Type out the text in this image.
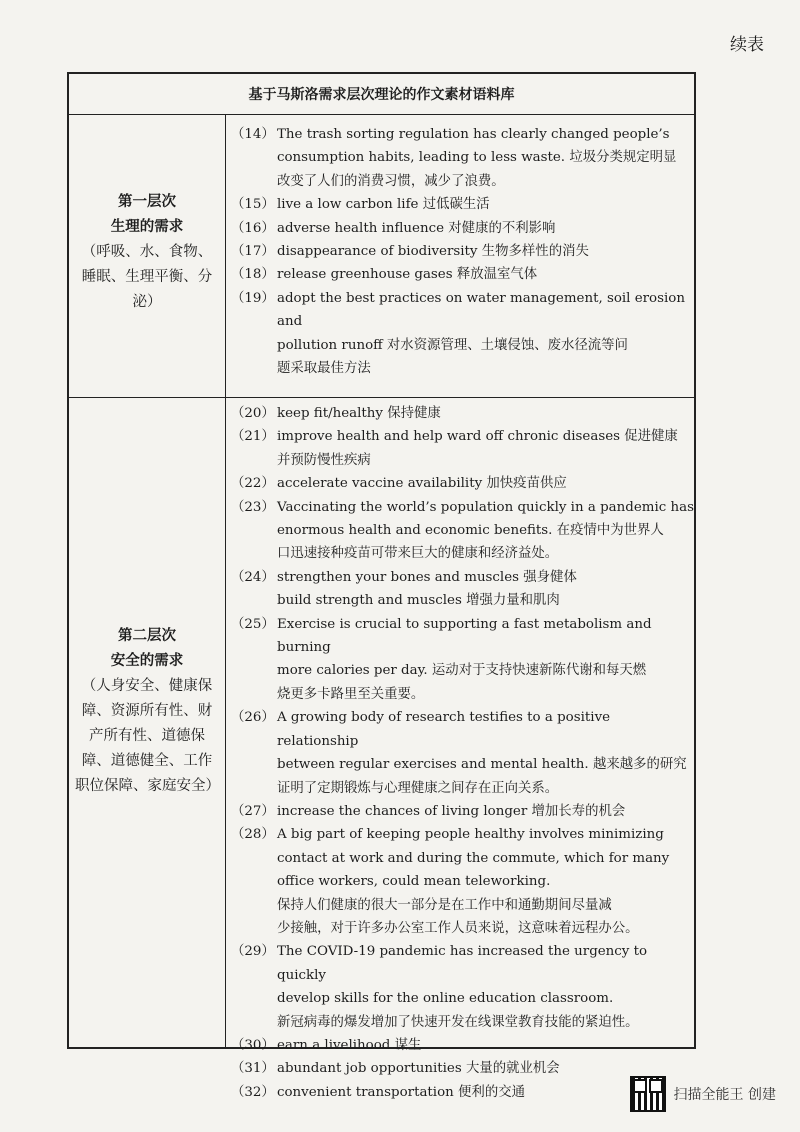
续表
基于马斯洛需求层次理论的作文素材语料库
第一层次
生理的需求
（呼吸、水、食物、睡眠、生理平衡、分泌）
第二层次
安全的需求
（人身安全、健康保障、资源所有性、财产所有性、道德保障、道德健全、工作职位保障、家庭安全）
（14） The trash sorting regulation has clearly changed people’s
consumption habits, leading to less waste. 垃圾分类规定明显
改变了人们的消费习惯，减少了浪费。
（15） live a low carbon life 过低碳生活
（16） adverse health influence 对健康的不利影响
（17） disappearance of biodiversity 生物多样性的消失
（18） release greenhouse gases 释放温室气体
（19） adopt the best practices on water management, soil erosion and
pollution runoff 对水资源管理、土壤侵蚀、废水径流等问
题采取最佳方法
（20） keep fit/healthy 保持健康
（21） improve health and help ward off chronic diseases 促进健康
并预防慢性疾病
（22） accelerate vaccine availability 加快疫苗供应
（23） Vaccinating the world’s population quickly in a pandemic has
enormous health and economic benefits. 在疫情中为世界人
口迅速接种疫苗可带来巨大的健康和经济益处。
（24） strengthen your bones and muscles 强身健体
build strength and muscles 增强力量和肌肉
（25） Exercise is crucial to supporting a fast metabolism and burning
more calories per day. 运动对于支持快速新陈代谢和每天燃
烧更多卡路里至关重要。
（26） A growing body of research testifies to a positive relationship
between regular exercises and mental health. 越来越多的研究
证明了定期锻炼与心理健康之间存在正向关系。
（27） increase the chances of living longer 增加长寿的机会
（28） A big part of keeping people healthy involves minimizing
contact at work and during the commute, which for many
office workers, could mean teleworking.
保持人们健康的很大一部分是在工作中和通勤期间尽量减
少接触，对于许多办公室工作人员来说，这意味着远程办公。
（29） The COVID-19 pandemic has increased the urgency to quickly
develop skills for the online education classroom.
新冠病毒的爆发增加了快速开发在线课堂教育技能的紧迫性。
（30） earn a livelihood 谋生
（31） abundant job opportunities 大量的就业机会
（32） convenient transportation 便利的交通	扫描全能王 创建
